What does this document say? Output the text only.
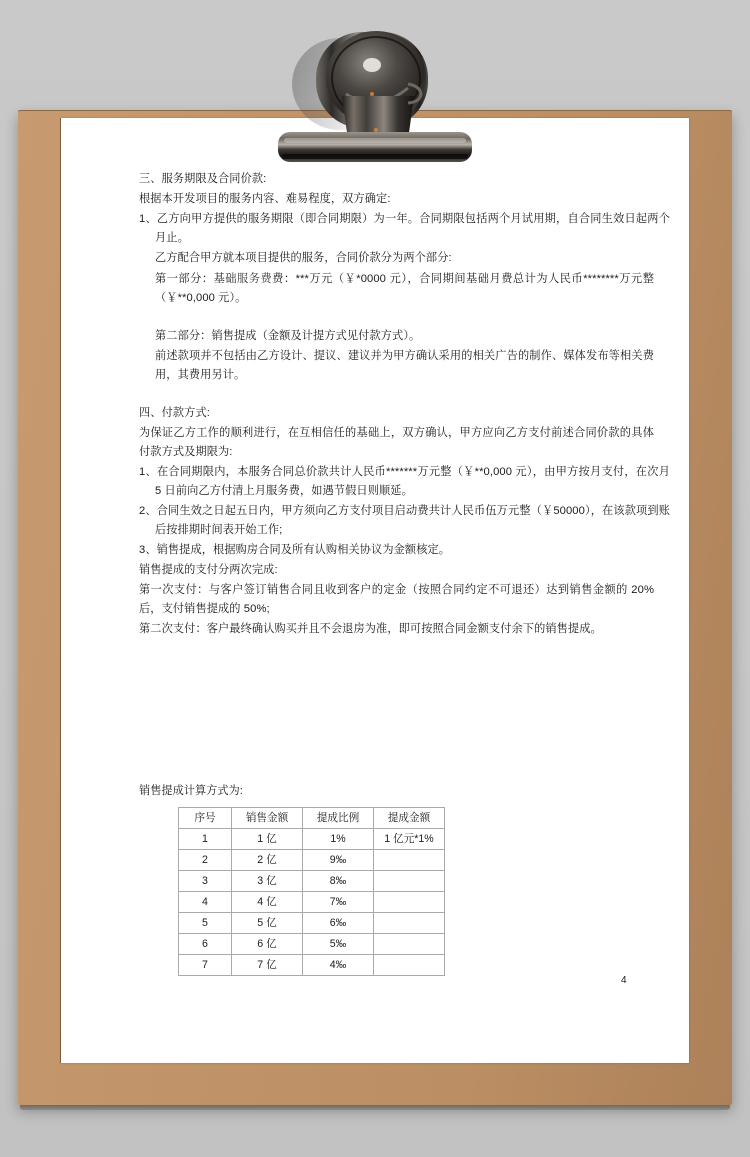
三、服务期限及合同价款:
根据本开发项目的服务内容、难易程度，双方确定:
1、乙方向甲方提供的服务期限（即合同期限）为一年。合同期限包括两个月试用期，自合同生效日起两个月止。
乙方配合甲方就本项目提供的服务，合同价款分为两个部分:
第一部分：基础服务费费：***万元（￥*0000 元），合同期间基础月费总计为人民币********万元整（￥**0,000 元）。
第二部分：销售提成（金额及计提方式见付款方式）。
前述款项并不包括由乙方设计、提议、建议并为甲方确认采用的相关广告的制作、媒体发布等相关费用，其费用另计。
四、付款方式:
为保证乙方工作的顺利进行，在互相信任的基础上，双方确认，甲方应向乙方支付前述合同价款的具体付款方式及期限为:
1、在合同期限内，本服务合同总价款共计人民币*******万元整（￥**0,000 元），由甲方按月支付，在次月 5 日前向乙方付清上月服务费，如遇节假日则顺延。
2、合同生效之日起五日内，甲方须向乙方支付项目启动费共计人民币伍万元整（￥50000），在该款项到账后按排期时间表开始工作;
3、销售提成，根据购房合同及所有认购相关协议为金额核定。
销售提成的支付分两次完成:
第一次支付：与客户签订销售合同且收到客户的定金（按照合同约定不可退还）达到销售金额的 20%后，支付销售提成的 50%;
第二次支付：客户最终确认购买并且不会退房为准，即可按照合同金额支付余下的销售提成。
销售提成计算方式为:
序号	销售金额	提成比例	提成金额
1	1 亿	1%	1 亿元*1%
2	2 亿	9‰	
3	3 亿	8‰	
4	4 亿	7‰	
5	5 亿	6‰	
6	6 亿	5‰	
7	7 亿	4‰	
4
